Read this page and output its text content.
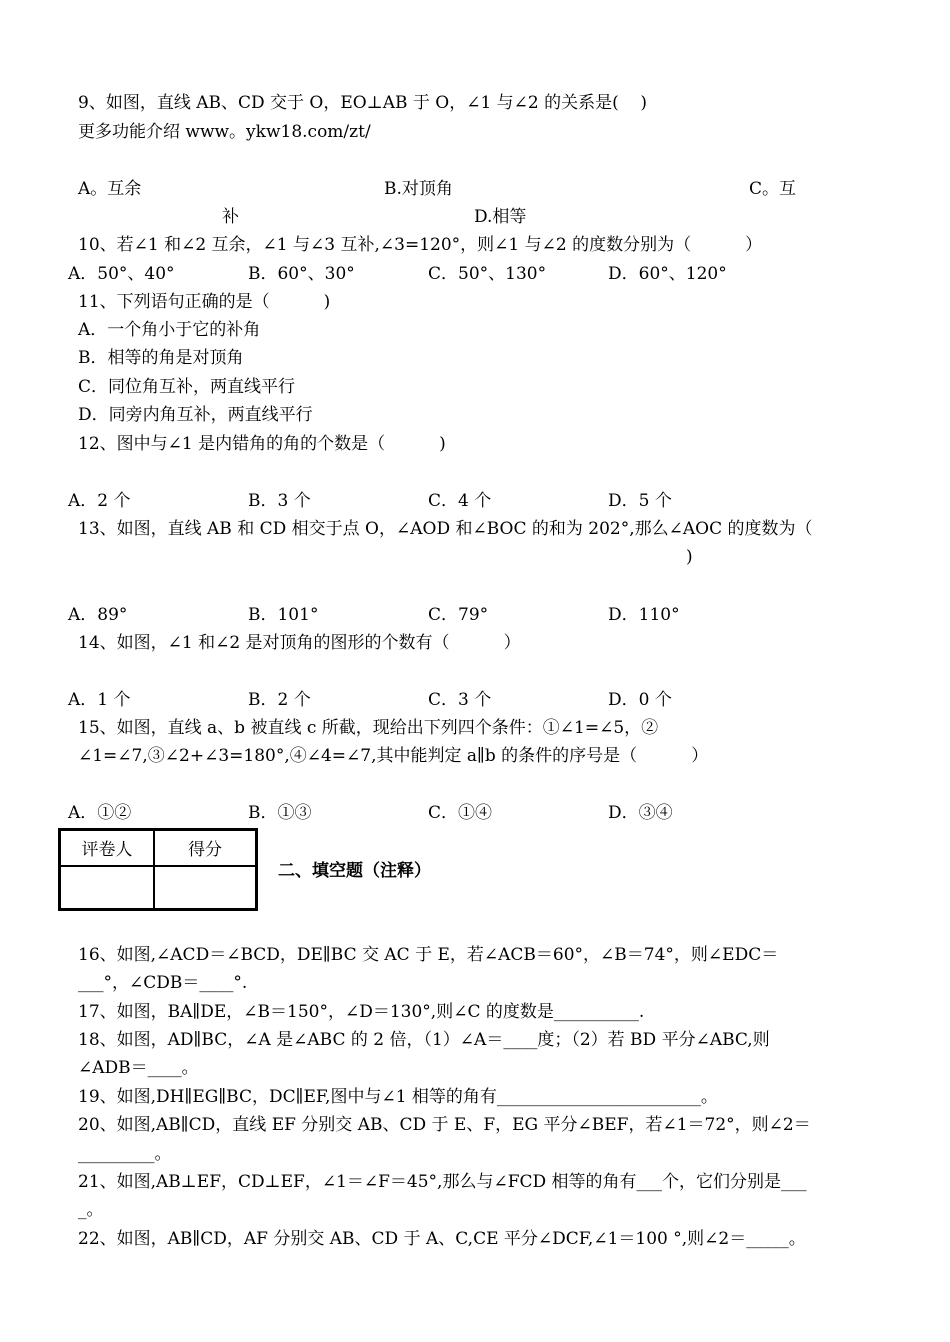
9、如图，直线 AB、CD 交于 O，EO⊥AB 于 O，∠1 与∠2 的关系是(    )
更多功能介绍 www。ykw18.com/zt/
A。互余	B.对顶角	C。互
补	D.相等
10、若∠1 和∠2 互余，∠1 与∠3 互补,∠3=120°，则∠1 与∠2 的度数分别为（          ）
A．50°、40°	B．60°、30°	C．50°、130°	D．60°、120°
11、下列语句正确的是（          )
A．一个角小于它的补角
B．相等的角是对顶角
C．同位角互补，两直线平行
D．同旁内角互补，两直线平行
12、图中与∠1 是内错角的角的个数是（          )
A．2 个	B．3 个	C．4 个	D．5 个
13、如图，直线 AB 和 CD 相交于点 O，∠AOD 和∠BOC 的和为 202°,那么∠AOC 的度数为（
)
A．89°	B．101°	C．79°	D．110°
14、如图，∠1 和∠2 是对顶角的图形的个数有（          ）
A．1 个	B．2 个	C．3 个	D．0 个
15、如图，直线 a、b 被直线 c 所截，现给出下列四个条件：①∠1=∠5，②
∠1=∠7,③∠2+∠3=180°,④∠4=∠7,其中能判定 a∥b 的条件的序号是（          ）
A．①②	B．①③	C．①④	D．③④
评卷人	得分

二、填空题（注释）
16、如图,∠ACD＝∠BCD，DE∥BC 交 AC 于 E，若∠ACB＝60°，∠B＝74°，则∠EDC＝
___°，∠CDB＝____°.
17、如图，BA∥DE，∠B＝150°，∠D＝130°,则∠C 的度数是__________.
18、如图，AD∥BC，∠A 是∠ABC 的 2 倍，（1）∠A＝____度；（2）若 BD 平分∠ABC,则
∠ADB＝____。
19、如图,DH∥EG∥BC，DC∥EF,图中与∠1 相等的角有________________________。
20、如图,AB∥CD，直线 EF 分别交 AB、CD 于 E、F，EG 平分∠BEF，若∠1＝72°，则∠2＝
_________。
21、如图,AB⊥EF，CD⊥EF，∠1＝∠F＝45°,那么与∠FCD 相等的角有___个，它们分别是___
_。
22、如图，AB∥CD，AF 分别交 AB、CD 于 A、C,CE 平分∠DCF,∠1＝100 °,则∠2＝_____。
